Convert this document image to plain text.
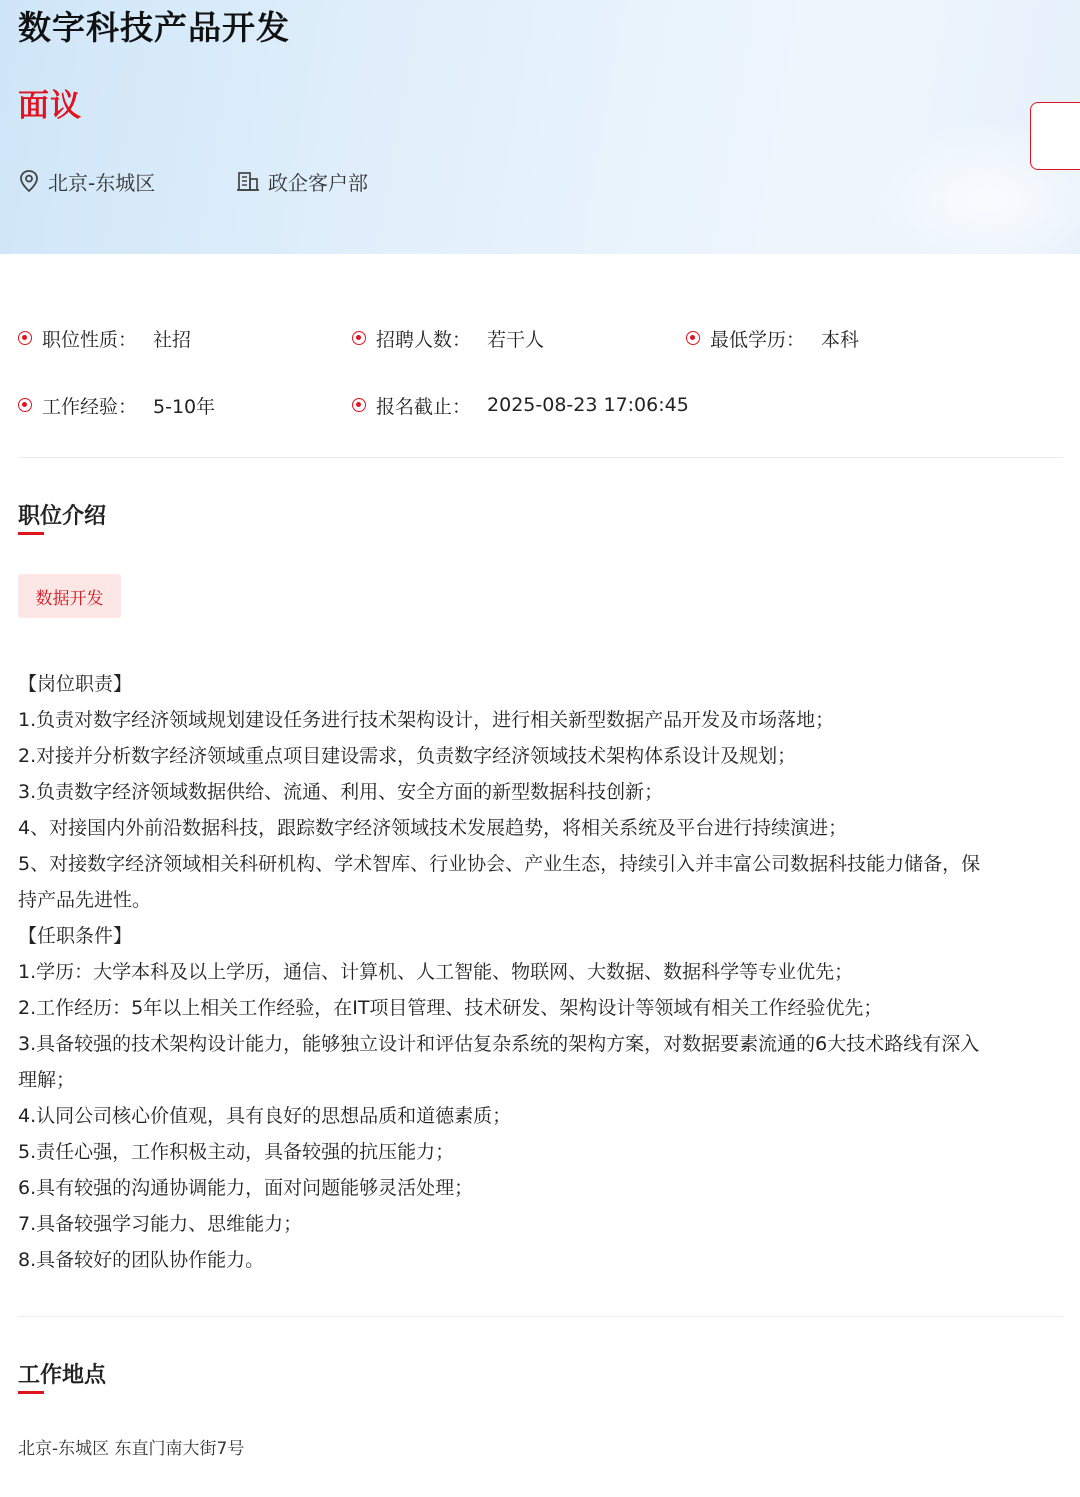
数字科技产品开发
面议
北京-东城区	政企客户部
职位性质： 社招	招聘人数： 若干人	最低学历： 本科
工作经验： 5-10年	报名截止： 2025-08-23 17:06:45
职位介绍
数据开发
【岗位职责】
1.负责对数字经济领域规划建设任务进行技术架构设计，进行相关新型数据产品开发及市场落地；
2.对接并分析数字经济领域重点项目建设需求，负责数字经济领域技术架构体系设计及规划；
3.负责数字经济领域数据供给、流通、利用、安全方面的新型数据科技创新；
4、对接国内外前沿数据科技，跟踪数字经济领域技术发展趋势，将相关系统及平台进行持续演进；
5、对接数字经济领域相关科研机构、学术智库、行业协会、产业生态，持续引入并丰富公司数据科技能力储备，保
持产品先进性。
【任职条件】
1.学历：大学本科及以上学历，通信、计算机、人工智能、物联网、大数据、数据科学等专业优先；
2.工作经历：5年以上相关工作经验，在IT项目管理、技术研发、架构设计等领域有相关工作经验优先；
3.具备较强的技术架构设计能力，能够独立设计和评估复杂系统的架构方案，对数据要素流通的6大技术路线有深入
理解；
4.认同公司核心价值观，具有良好的思想品质和道德素质；
5.责任心强，工作积极主动，具备较强的抗压能力；
6.具有较强的沟通协调能力，面对问题能够灵活处理；
7.具备较强学习能力、思维能力；
8.具备较好的团队协作能力。
工作地点
北京-东城区 东直门南大街7号
